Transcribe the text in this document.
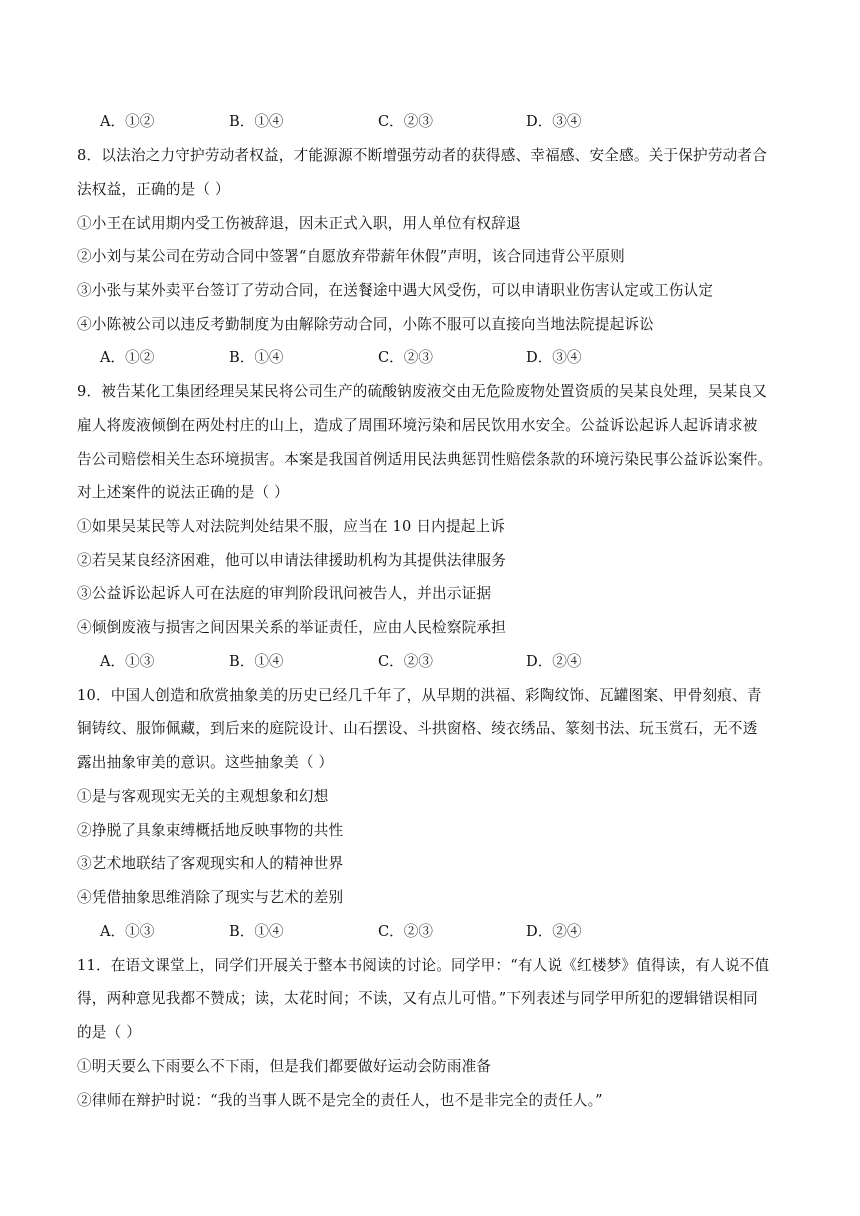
A．①②	B．①④	C．②③	D．③④
8．以法治之力守护劳动者权益，才能源源不断增强劳动者的获得感、幸福感、安全感。关于保护劳动者合
法权益，正确的是（ ）
①小王在试用期内受工伤被辞退，因未正式入职，用人单位有权辞退
②小刘与某公司在劳动合同中签署“自愿放弃带薪年休假”声明，该合同违背公平原则
③小张与某外卖平台签订了劳动合同，在送餐途中遇大风受伤，可以申请职业伤害认定或工伤认定
④小陈被公司以违反考勤制度为由解除劳动合同，小陈不服可以直接向当地法院提起诉讼
A．①②	B．①④	C．②③	D．③④
9．被告某化工集团经理吴某民将公司生产的硫酸钠废液交由无危险废物处置资质的吴某良处理，吴某良又
雇人将废液倾倒在两处村庄的山上，造成了周围环境污染和居民饮用水安全。公益诉讼起诉人起诉请求被
告公司赔偿相关生态环境损害。本案是我国首例适用民法典惩罚性赔偿条款的环境污染民事公益诉讼案件。
对上述案件的说法正确的是（ ）
①如果吴某民等人对法院判处结果不服，应当在 10 日内提起上诉
②若吴某良经济困难，他可以申请法律援助机构为其提供法律服务
③公益诉讼起诉人可在法庭的审判阶段讯问被告人，并出示证据
④倾倒废液与损害之间因果关系的举证责任，应由人民检察院承担
A．①③	B．①④	C．②③	D．②④
10．中国人创造和欣赏抽象美的历史已经几千年了，从早期的洪福、彩陶纹饰、瓦罐图案、甲骨刻痕、青
铜铸纹、服饰佩藏，到后来的庭院设计、山石摆设、斗拱窗格、绫衣绣品、篆刻书法、玩玉赏石，无不透
露出抽象审美的意识。这些抽象美（ ）
①是与客观现实无关的主观想象和幻想
②挣脱了具象束缚概括地反映事物的共性
③艺术地联结了客观现实和人的精神世界
④凭借抽象思维消除了现实与艺术的差别
A．①③	B．①④	C．②③	D．②④
11．在语文课堂上，同学们开展关于整本书阅读的讨论。同学甲：“有人说《红楼梦》值得读，有人说不值
得，两种意见我都不赞成；读，太花时间；不读，又有点儿可惜。”下列表述与同学甲所犯的逻辑错误相同
的是（ ）
①明天要么下雨要么不下雨，但是我们都要做好运动会防雨准备
②律师在辩护时说：“我的当事人既不是完全的责任人，也不是非完全的责任人。”
